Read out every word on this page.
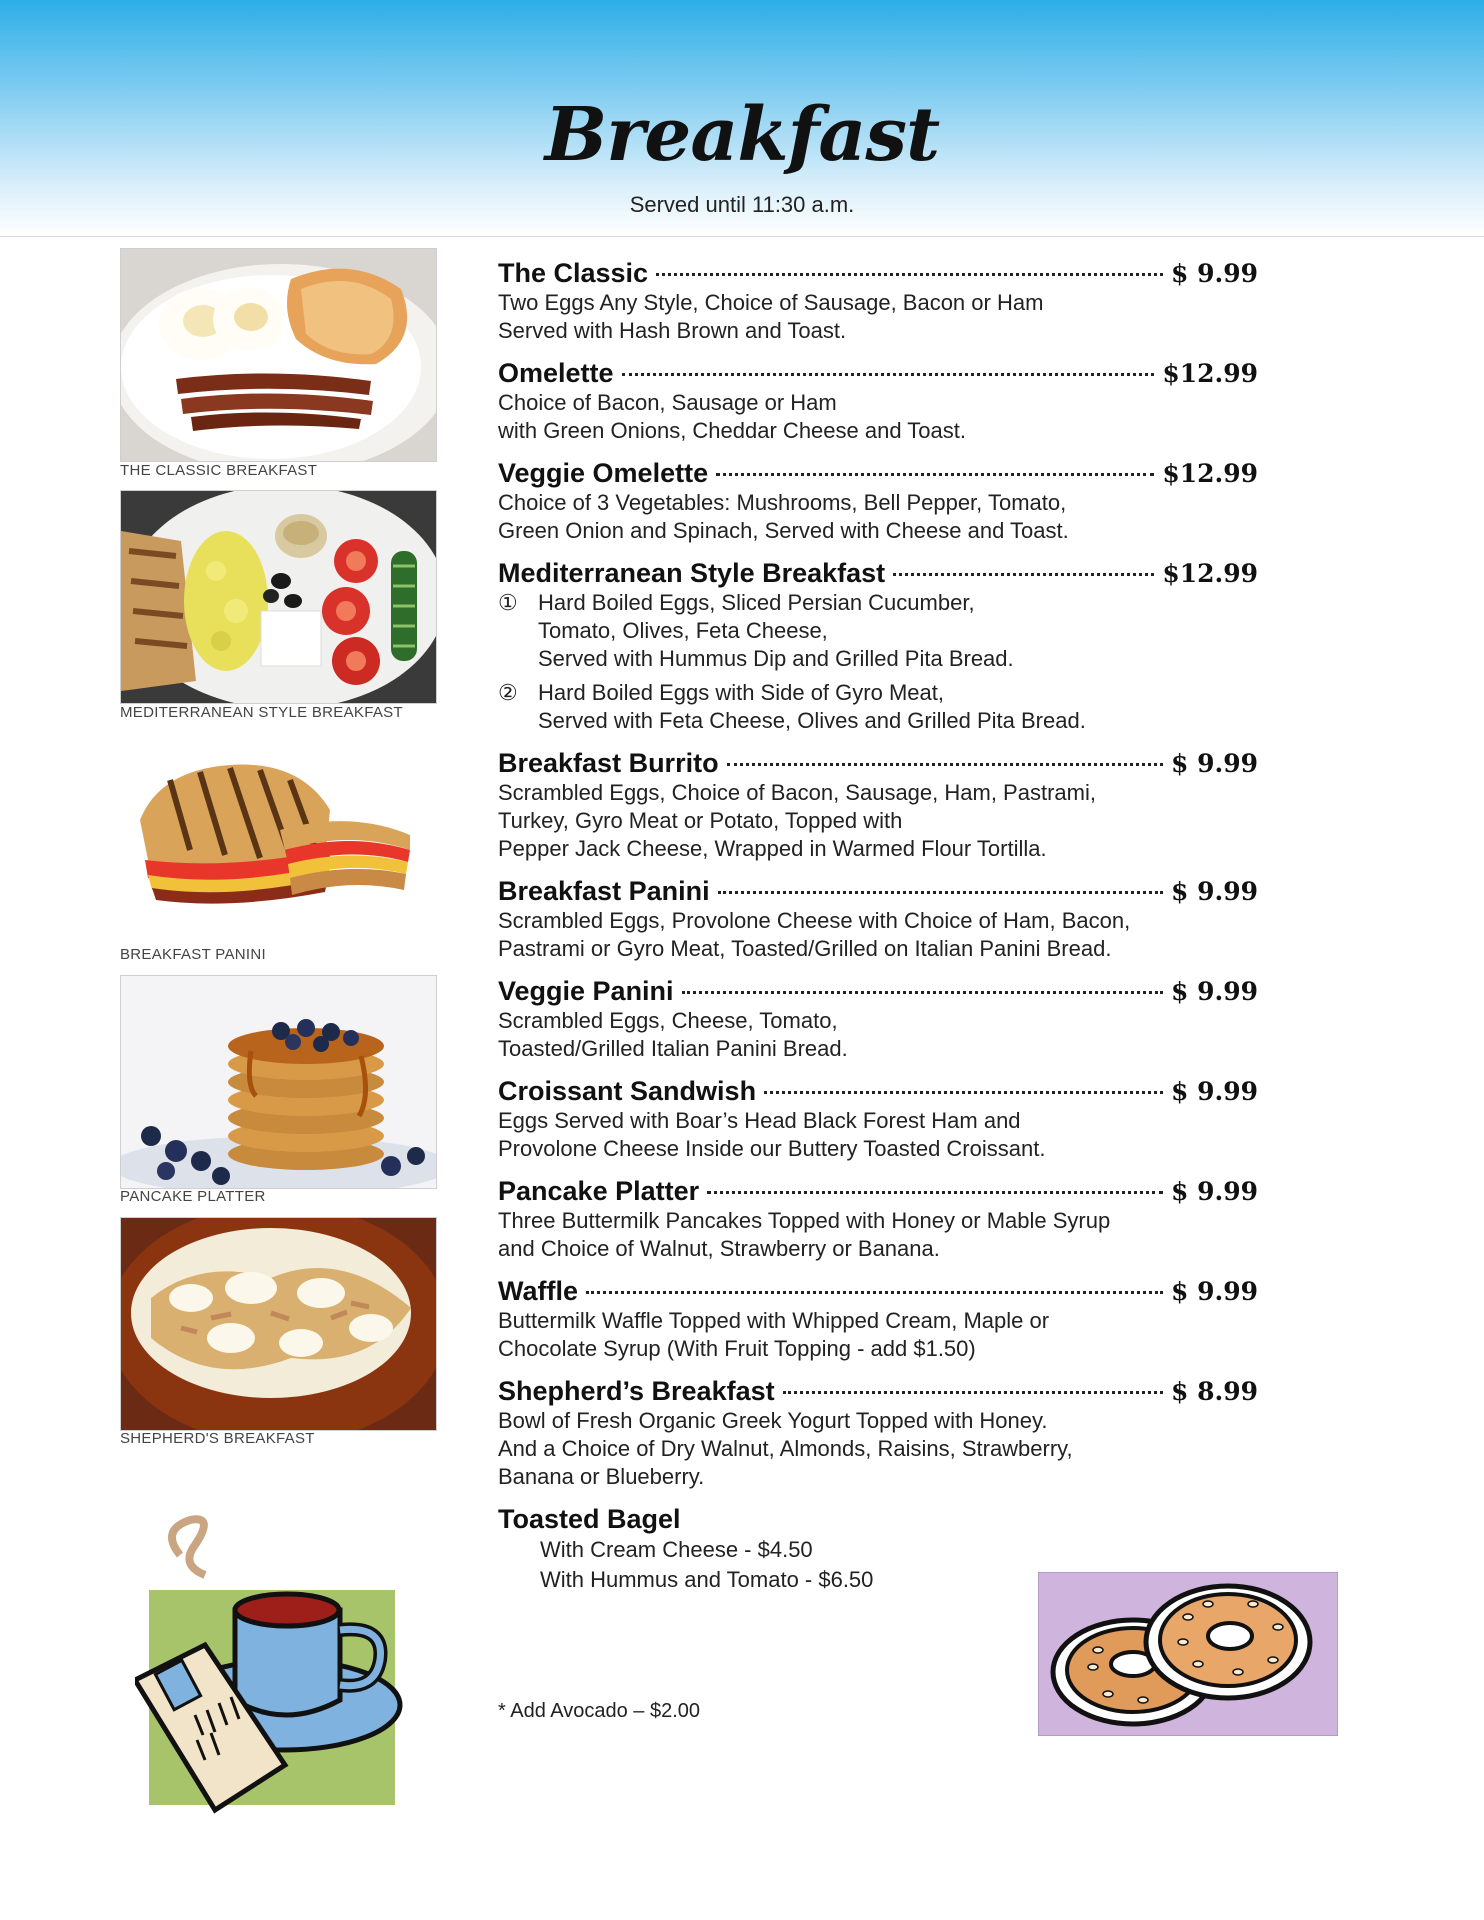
Breakfast
Served until 11:30 a.m.
THE CLASSIC BREAKFAST
MEDITERRANEAN STYLE BREAKFAST
BREAKFAST PANINI
PANCAKE PLATTER
SHEPHERD'S BREAKFAST
The Classic	$ 9.99
Two Eggs Any Style, Choice of Sausage, Bacon or Ham
Served with Hash Brown and Toast.
Omelette	$12.99
Choice of Bacon, Sausage or Ham
with Green Onions, Cheddar Cheese and Toast.
Veggie Omelette	$12.99
Choice of 3 Vegetables: Mushrooms, Bell Pepper, Tomato,
Green Onion and Spinach, Served with Cheese and Toast.
Mediterranean Style Breakfast	$12.99
① Hard Boiled Eggs, Sliced Persian Cucumber,
Tomato, Olives, Feta Cheese,
Served with Hummus Dip and Grilled Pita Bread.
② Hard Boiled Eggs with Side of Gyro Meat,
Served with Feta Cheese, Olives and Grilled Pita Bread.
Breakfast Burrito	$ 9.99
Scrambled Eggs, Choice of Bacon, Sausage, Ham, Pastrami,
Turkey, Gyro Meat or Potato, Topped with
Pepper Jack Cheese, Wrapped in Warmed Flour Tortilla.
Breakfast Panini	$ 9.99
Scrambled Eggs, Provolone Cheese with Choice of Ham, Bacon,
Pastrami or Gyro Meat, Toasted/Grilled on Italian Panini Bread.
Veggie Panini	$ 9.99
Scrambled Eggs, Cheese, Tomato,
Toasted/Grilled Italian Panini Bread.
Croissant Sandwish	$ 9.99
Eggs Served with Boar’s Head Black Forest Ham and
Provolone Cheese Inside our Buttery Toasted Croissant.
Pancake Platter	$ 9.99
Three Buttermilk Pancakes Topped with Honey or Mable Syrup
and Choice of Walnut, Strawberry or Banana.
Waffle	$ 9.99
Buttermilk Waffle Topped with Whipped Cream, Maple or
Chocolate Syrup (With Fruit Topping - add $1.50)
Shepherd’s Breakfast	$ 8.99
Bowl of Fresh Organic Greek Yogurt Topped with Honey.
And a Choice of Dry Walnut, Almonds, Raisins, Strawberry,
Banana or Blueberry.
Toasted Bagel
With Cream Cheese - $4.50
With Hummus and Tomato - $6.50
* Add Avocado – $2.00
